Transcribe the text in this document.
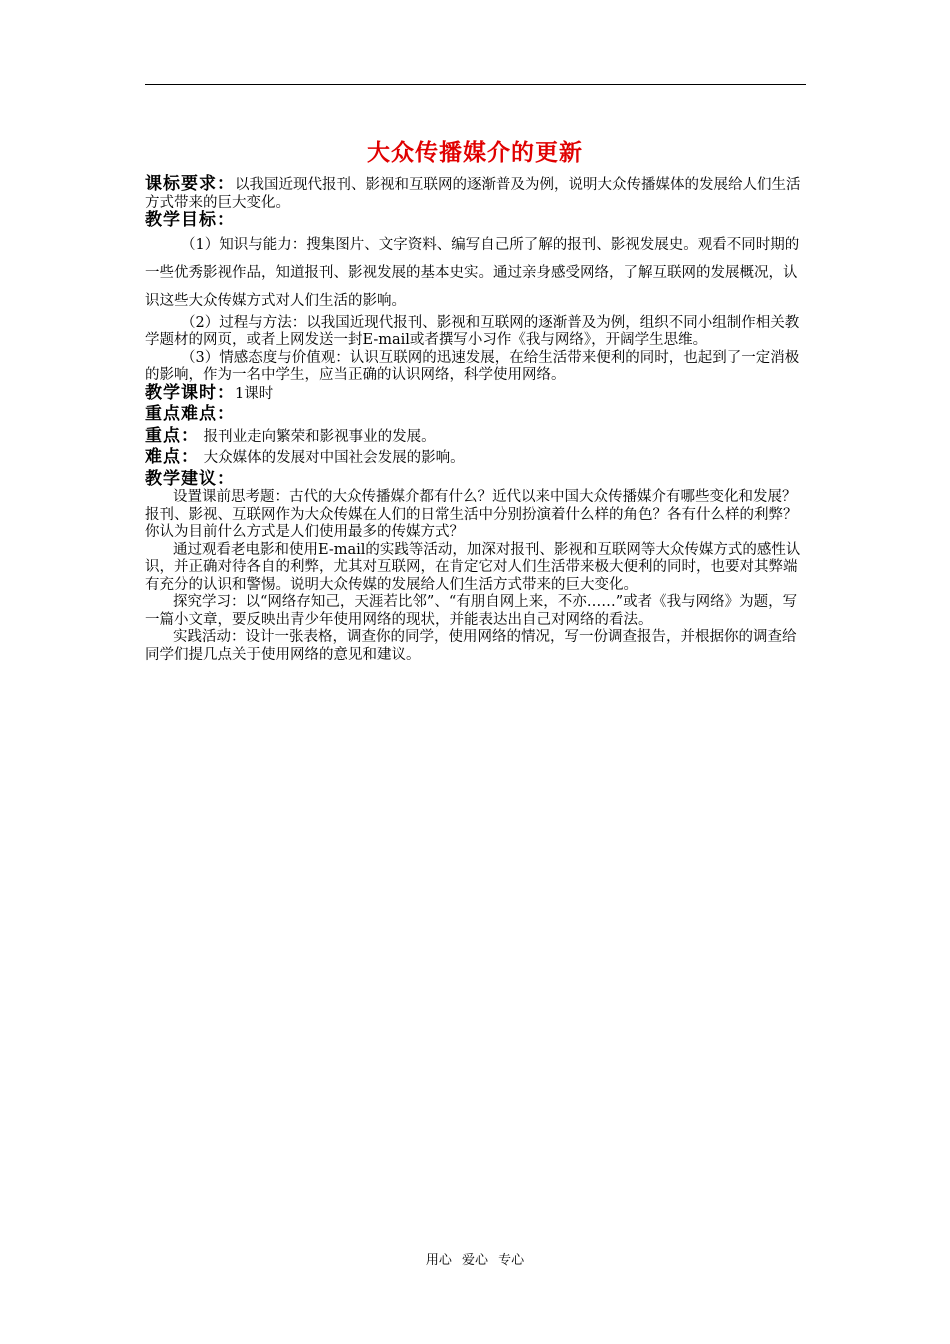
大众传播媒介的更新

课标要求：以我国近现代报刊、影视和互联网的逐渐普及为例，说明大众传播媒体的发展给人们生活方式带来的巨大变化。

教学目标：

（1）知识与能力：搜集图片、文字资料、编写自己所了解的报刊、影视发展史。观看不同时期的一些优秀影视作品，知道报刊、影视发展的基本史实。通过亲身感受网络，了解互联网的发展概况，认识这些大众传媒方式对人们生活的影响。

（2）过程与方法：以我国近现代报刊、影视和互联网的逐渐普及为例，组织不同小组制作相关教学题材的网页，或者上网发送一封E-mail或者撰写小习作《我与网络》，开阔学生思维。

（3）情感态度与价值观：认识互联网的迅速发展，在给生活带来便利的同时，也起到了一定消极的影响，作为一名中学生，应当正确的认识网络，科学使用网络。

教学课时：1课时

重点难点：

重点： 报刊业走向繁荣和影视事业的发展。

难点： 大众媒体的发展对中国社会发展的影响。

教学建议：

设置课前思考题：古代的大众传播媒介都有什么？近代以来中国大众传播媒介有哪些变化和发展？报刊、影视、互联网作为大众传媒在人们的日常生活中分别扮演着什么样的角色？各有什么样的利弊？你认为目前什么方式是人们使用最多的传媒方式？

通过观看老电影和使用E-mail的实践等活动，加深对报刊、影视和互联网等大众传媒方式的感性认识，并正确对待各自的利弊，尤其对互联网，在肯定它对人们生活带来极大便利的同时，也要对其弊端有充分的认识和警惕。说明大众传媒的发展给人们生活方式带来的巨大变化。

探究学习：以“网络存知己，天涯若比邻”、“有朋自网上来，不亦……”或者《我与网络》为题，写一篇小文章，要反映出青少年使用网络的现状，并能表达出自己对网络的看法。

实践活动：设计一张表格，调查你的同学，使用网络的情况，写一份调查报告，并根据你的调查给同学们提几点关于使用网络的意见和建议。

用心 爱心 专心
